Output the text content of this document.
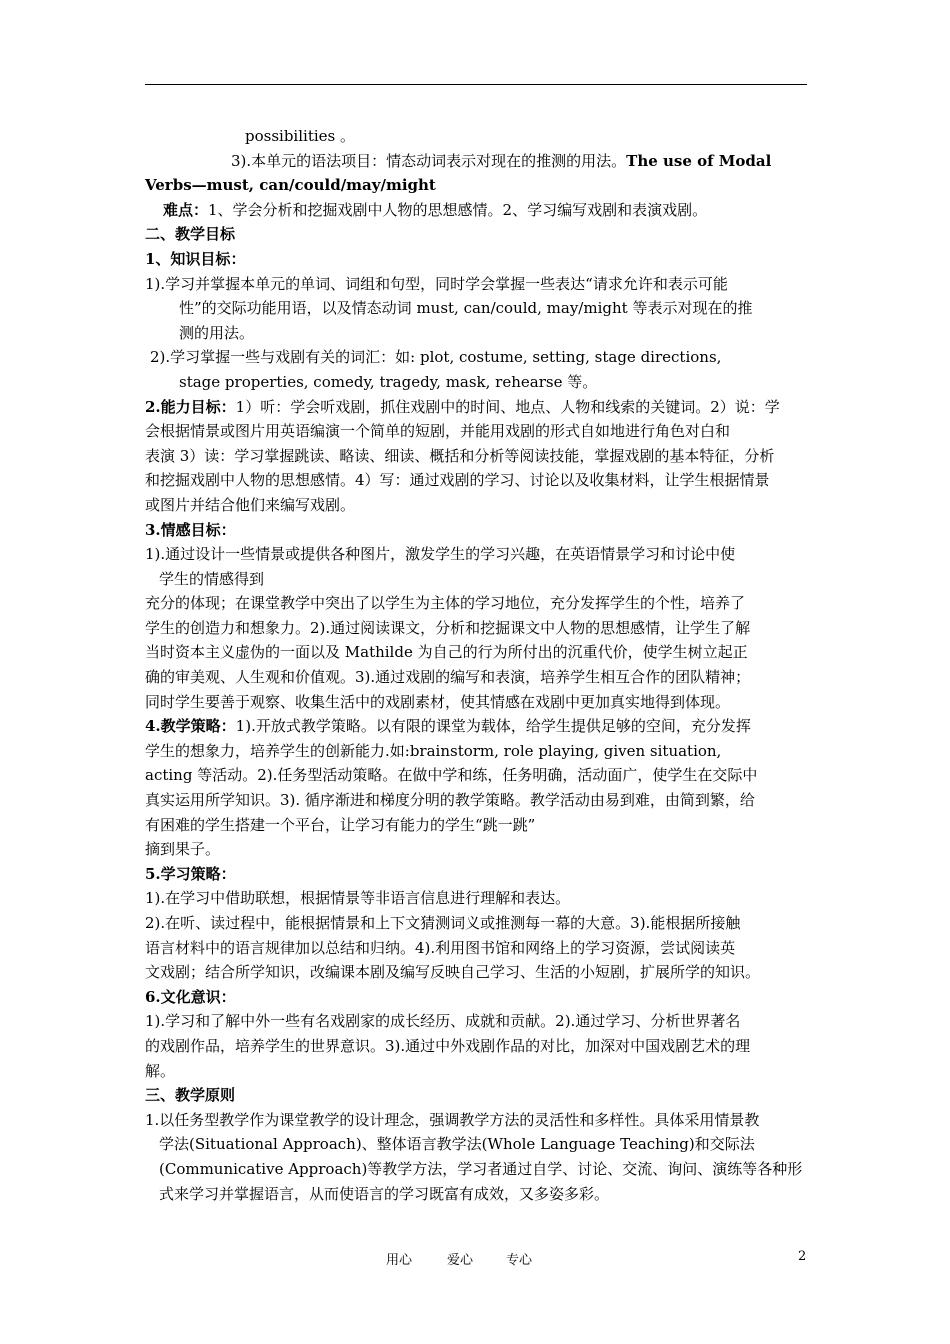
possibilities 。
3).本单元的语法项目：情态动词表示对现在的推测的用法。The use of Modal
Verbs—must, can/could/may/might
难点：1、学会分析和挖掘戏剧中人物的思想感情。2、学习编写戏剧和表演戏剧。
二、教学目标
1、知识目标：
1).学习并掌握本单元的单词、词组和句型，同时学会掌握一些表达“请求允许和表示可能
性”的交际功能用语，以及情态动词 must, can/could, may/might 等表示对现在的推
测的用法。
2).学习掌握一些与戏剧有关的词汇：如: plot, costume, setting, stage directions,
stage properties, comedy, tragedy, mask, rehearse 等。
2.能力目标：1）听：学会听戏剧，抓住戏剧中的时间、地点、人物和线索的关键词。2）说：学
会根据情景或图片用英语编演一个简单的短剧，并能用戏剧的形式自如地进行角色对白和
表演 3）读：学习掌握跳读、略读、细读、概括和分析等阅读技能，掌握戏剧的基本特征，分析
和挖掘戏剧中人物的思想感情。4）写：通过戏剧的学习、讨论以及收集材料，让学生根据情景
或图片并结合他们来编写戏剧。
3.情感目标：
1).通过设计一些情景或提供各种图片，激发学生的学习兴趣，在英语情景学习和讨论中使
学生的情感得到
充分的体现；在课堂教学中突出了以学生为主体的学习地位，充分发挥学生的个性，培养了
学生的创造力和想象力。2).通过阅读课文，分析和挖掘课文中人物的思想感情，让学生了解
当时资本主义虚伪的一面以及 Mathilde 为自己的行为所付出的沉重代价，使学生树立起正
确的审美观、人生观和价值观。3).通过戏剧的编写和表演，培养学生相互合作的团队精神；
同时学生要善于观察、收集生活中的戏剧素材，使其情感在戏剧中更加真实地得到体现。
4.教学策略：1).开放式教学策略。以有限的课堂为载体，给学生提供足够的空间，充分发挥
学生的想象力，培养学生的创新能力.如:brainstorm, role playing, given situation,
acting 等活动。2).任务型活动策略。在做中学和练，任务明确，活动面广，使学生在交际中
真实运用所学知识。3). 循序渐进和梯度分明的教学策略。教学活动由易到难，由简到繁，给
有困难的学生搭建一个平台，让学习有能力的学生“跳一跳”
摘到果子。
5.学习策略：
1).在学习中借助联想，根据情景等非语言信息进行理解和表达。
2).在听、读过程中，能根据情景和上下文猜测词义或推测每一幕的大意。3).能根据所接触
语言材料中的语言规律加以总结和归纳。4).利用图书馆和网络上的学习资源，尝试阅读英
文戏剧；结合所学知识，改编课本剧及编写反映自己学习、生活的小短剧，扩展所学的知识。
6.文化意识：
1).学习和了解中外一些有名戏剧家的成长经历、成就和贡献。2).通过学习、分析世界著名
的戏剧作品，培养学生的世界意识。3).通过中外戏剧作品的对比，加深对中国戏剧艺术的理
解。
三、教学原则
1.以任务型教学作为课堂教学的设计理念，强调教学方法的灵活性和多样性。具体采用情景教
学法(Situational Approach)、整体语言教学法(Whole Language Teaching)和交际法
(Communicative Approach)等教学方法，学习者通过自学、讨论、交流、询问、演练等各种形
式来学习并掌握语言，从而使语言的学习既富有成效，又多姿多彩。
用心	爱心	专心	2
